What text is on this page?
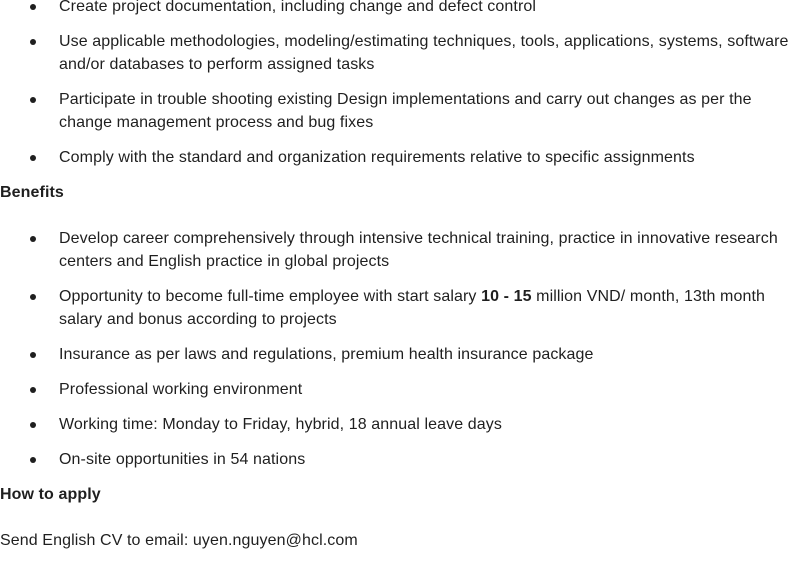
Create project documentation, including change and defect control
Use applicable methodologies, modeling/estimating techniques, tools, applications, systems, software and/or databases to perform assigned tasks
Participate in trouble shooting existing Design implementations and carry out changes as per the change management process and bug fixes
Comply with the standard and organization requirements relative to specific assignments

Benefits

Develop career comprehensively through intensive technical training, practice in innovative research centers and English practice in global projects
Opportunity to become full-time employee with start salary 10 - 15 million VND/ month, 13th month salary and bonus according to projects
Insurance as per laws and regulations, premium health insurance package
Professional working environment
Working time: Monday to Friday, hybrid, 18 annual leave days
On-site opportunities in 54 nations

How to apply

Send English CV to email: uyen.nguyen@hcl.com
